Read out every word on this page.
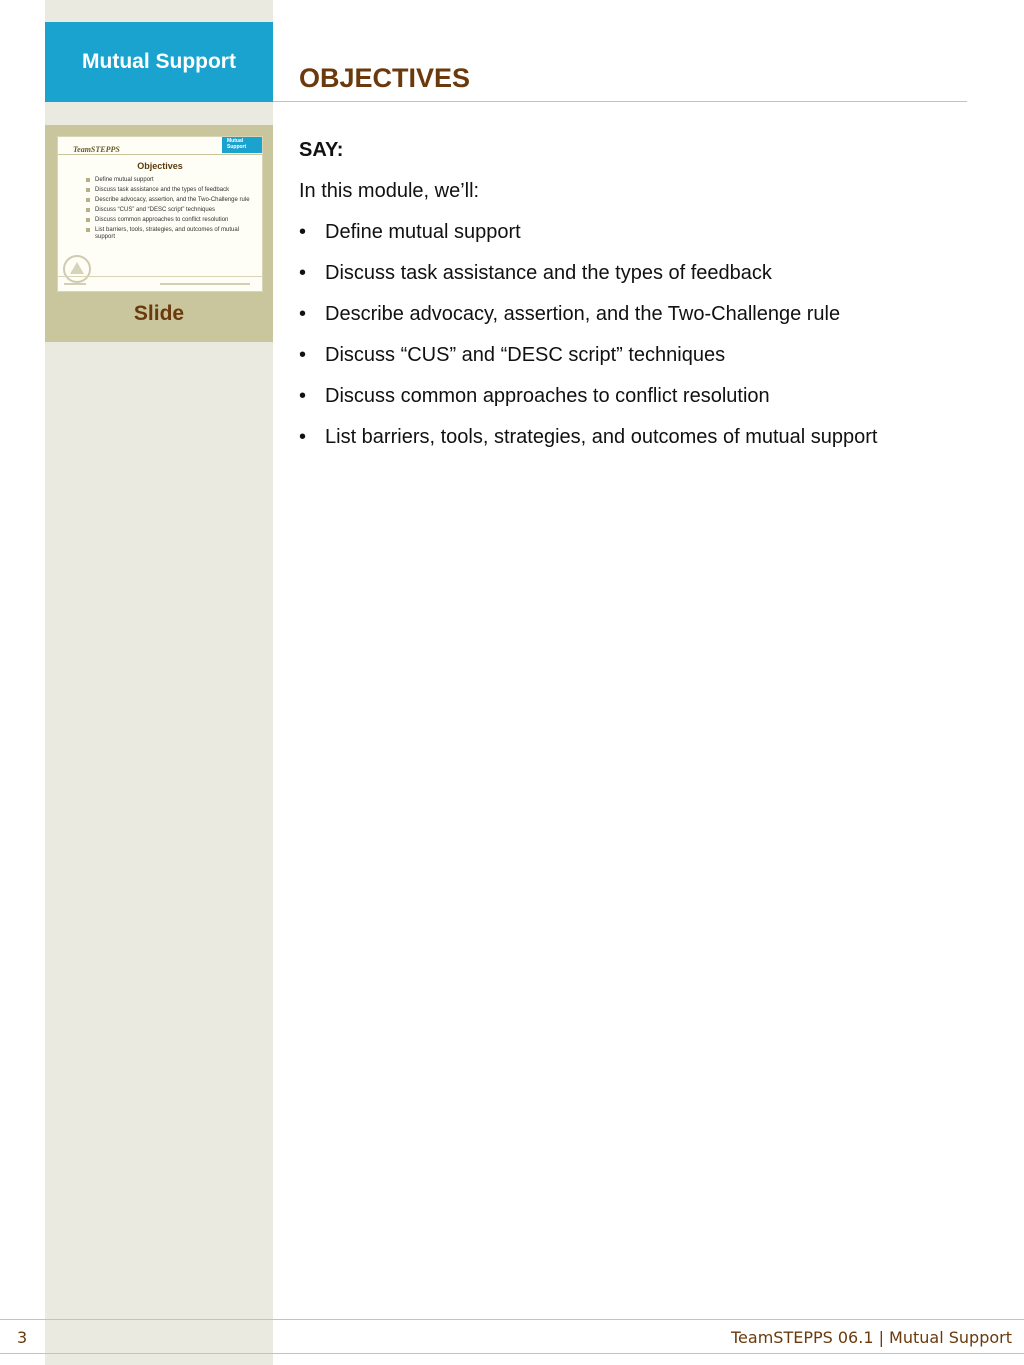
Mutual Support
TeamSTEPPS
Mutual Support
Objectives
Define mutual support
Discuss task assistance and the types of feedback
Describe advocacy, assertion, and the Two-Challenge rule
Discuss “CUS” and “DESC script” techniques
Discuss common approaches to conflict resolution
List barriers, tools, strategies, and outcomes of mutual support
Slide
OBJECTIVES
SAY:
In this module, we’ll:
• Define mutual support
• Discuss task assistance and the types of feedback
• Describe advocacy, assertion, and the Two-Challenge rule
• Discuss “CUS” and “DESC script” techniques
• Discuss common approaches to conflict resolution
• List barriers, tools, strategies, and outcomes of mutual support
3	TeamSTEPPS 06.1 | Mutual Support
